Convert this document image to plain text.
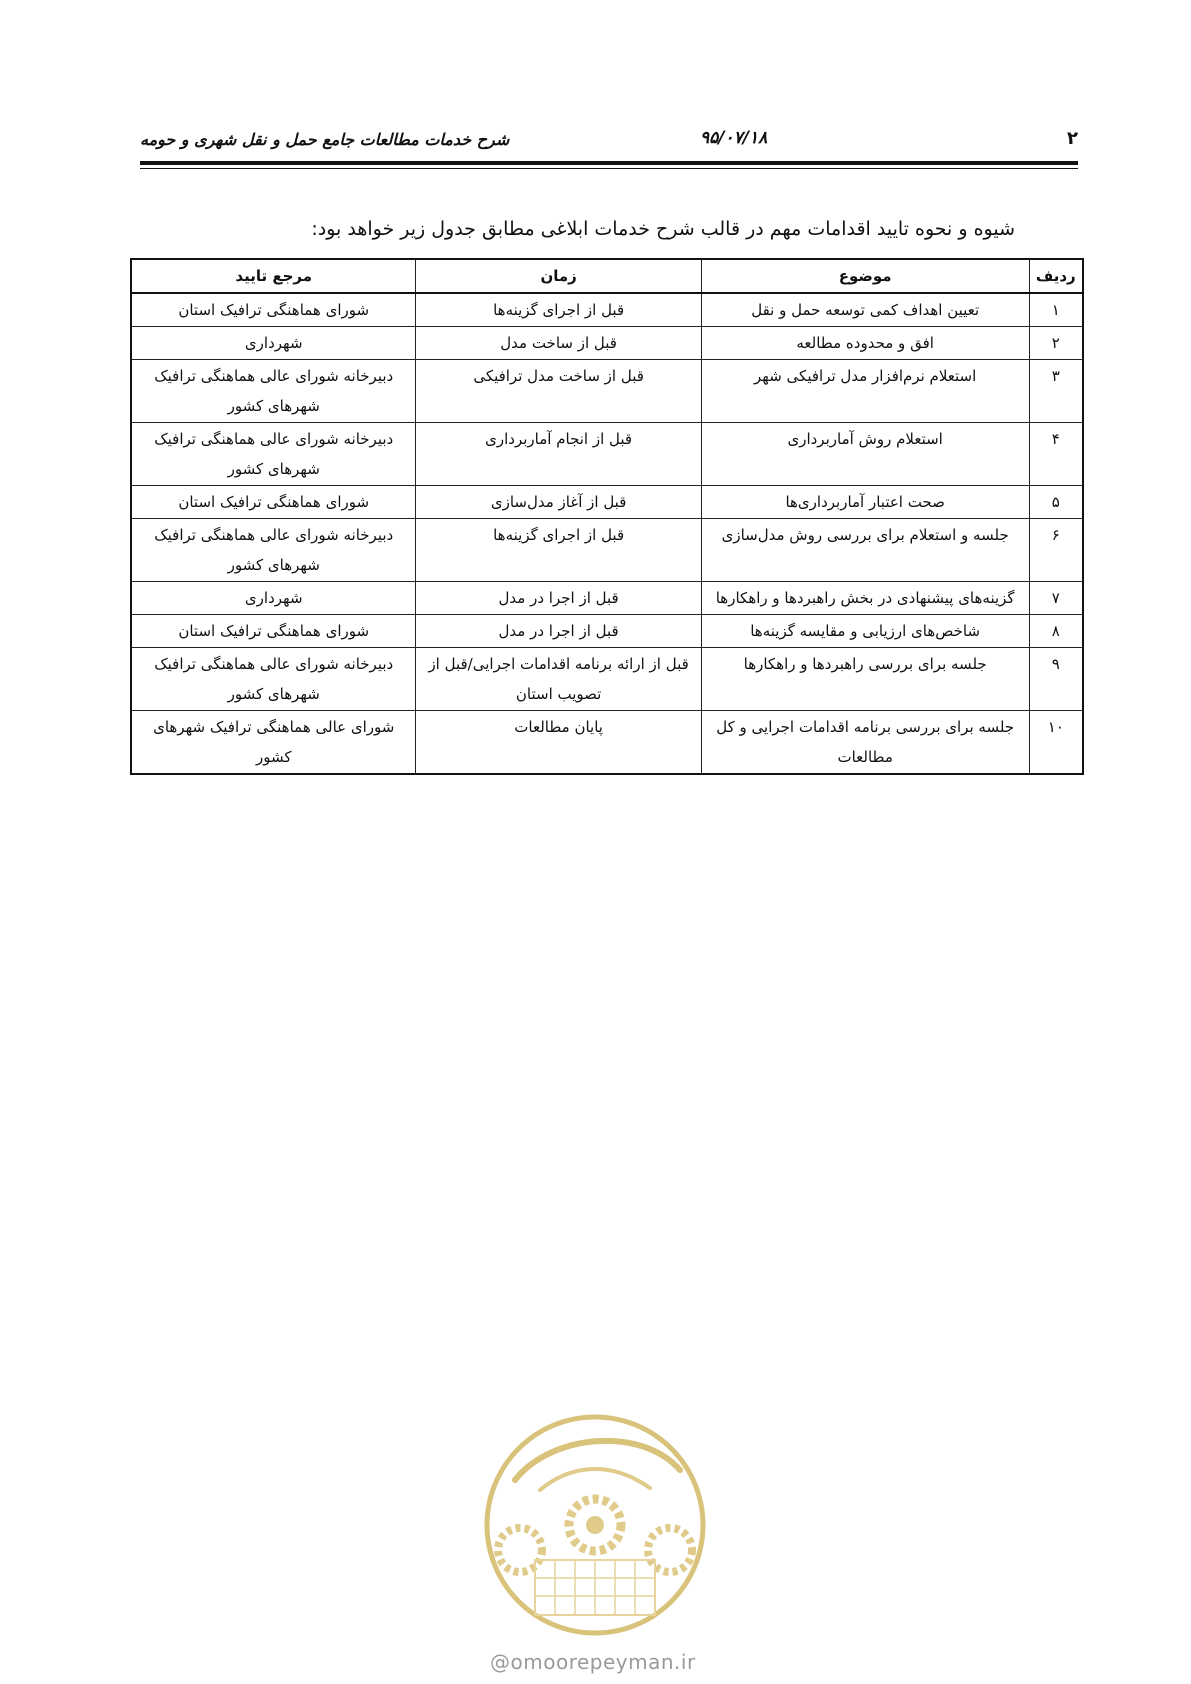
۲
۹۵/۰۷/۱۸
شرح خدمات مطالعات جامع حمل و نقل شهری و حومه
شیوه و نحوه تایید اقدامات مهم در قالب شرح خدمات ابلاغی مطابق جدول زیر خواهد بود:
ردیف	موضوع	زمان	مرجع تایید
۱	تعیین اهداف کمی توسعه حمل و نقل	قبل از اجرای گزینه‌ها	شورای هماهنگی ترافیک استان
۲	افق و محدوده مطالعه	قبل از ساخت مدل	شهرداری
۳	استعلام نرم‌افزار مدل ترافیکی شهر	قبل از ساخت مدل ترافیکی	دبیرخانه شورای عالی هماهنگی ترافیک شهرهای کشور
۴	استعلام روش آماربرداری	قبل از انجام آماربرداری	دبیرخانه شورای عالی هماهنگی ترافیک شهرهای کشور
۵	صحت اعتبار آماربرداری‌ها	قبل از آغاز مدل‌سازی	شورای هماهنگی ترافیک استان
۶	جلسه و استعلام برای بررسی روش مدل‌سازی	قبل از اجرای گزینه‌ها	دبیرخانه شورای عالی هماهنگی ترافیک شهرهای کشور
۷	گزینه‌های پیشنهادی در بخش راهبردها و راهکارها	قبل از اجرا در مدل	شهرداری
۸	شاخص‌های ارزیابی و مقایسه گزینه‌ها	قبل از اجرا در مدل	شورای هماهنگی ترافیک استان
۹	جلسه برای بررسی راهبردها و راهکارها	قبل از ارائه برنامه اقدامات اجرایی/قبل از تصویب استان	دبیرخانه شورای عالی هماهنگی ترافیک شهرهای کشور
۱۰	جلسه برای بررسی برنامه اقدامات اجرایی و کل مطالعات	پایان مطالعات	شورای عالی هماهنگی ترافیک شهرهای کشور
@omoorepeyman.ir
